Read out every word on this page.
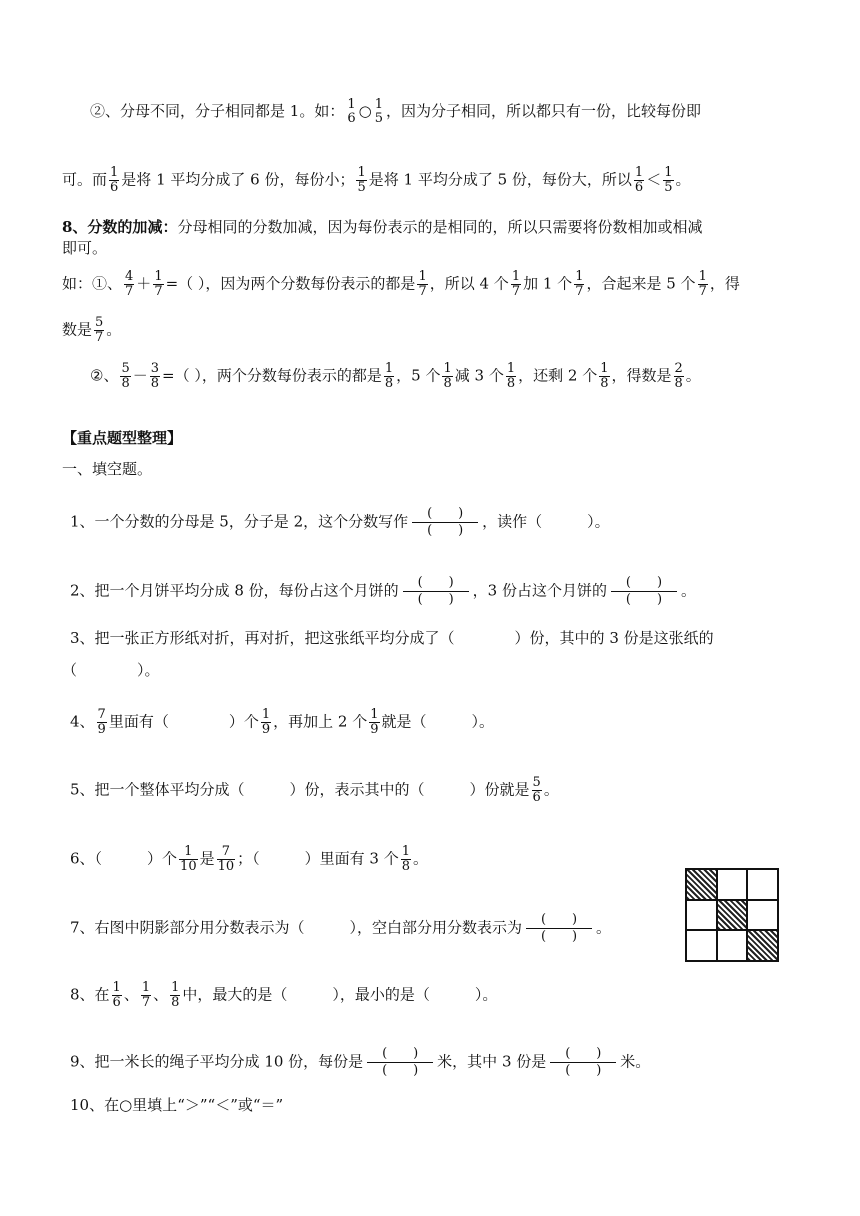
②、分母不同，分子相同都是 1。如： 1
6 ○ 1
5 ，因为分子相同，所以都只有一份，比较每份即
可。而 $\frac{1}{6}$ 是将 1 平均分成了 6 份，每份小； $\frac{1}{5}$ 是将 1 平均分成了 5 份，每份大，所以 $\frac{1}{6} < \frac{1}{5}$ 。
8、分数的加减：分母相同的分数加减，因为每份表示的是相同的，所以只需要将份数相加或相减
即可。
如：①、 $\frac{4}{7} + \frac{1}{7}$ =（ ），因为两个分数每份表示的都是 $\frac{1}{7}$ ，所以 4 个 $\frac{1}{7}$ 加 1 个 $\frac{1}{7}$ ，合起来是 5 个 $\frac{1}{7}$ ，得
数是 $\frac{5}{7}$ 。
②、 $\frac{5}{8} - \frac{3}{8}$ =（ ），两个分数每份表示的都是 $\frac{1}{8}$ ，5 个 $\frac{1}{8}$ 减 3 个 $\frac{1}{8}$ ，还剩 2 个 $\frac{1}{8}$ ，得数是 $\frac{2}{8}$ 。
【重点题型整理】
一、填空题。
1、一个分数的分母是 5，分子是 2，这个分数写作	(　　)
(　　)	，读作（　　　）。
2、把一个月饼平均分成 8 份，每份占这个月饼的	(　　)
(　　)	，3 份占这个月饼的	(　　)
(　　)	。
3、把一张正方形纸对折，再对折，把这张纸平均分成了（　　　　）份，其中的 3 份是这张纸的
（　　　　）。
4、 $\frac{7}{9}$ 里面有（　　　　）个 $\frac{1}{9}$ ，再加上 2 个 $\frac{1}{9}$ 就是（　　　）。
5、把一个整体平均分成（　　　）份，表示其中的（　　　）份就是 $\frac{5}{6}$ 。
6、（　　　）个 $\frac{1}{10}$ 是 $\frac{7}{10}$ ；（　　　）里面有 3 个 $\frac{1}{8}$ 。
7、右图中阴影部分用分数表示为（　　　），空白部分用分数表示为	(　　)
(　　)	。
8、在 $\frac{1}{6}$ 、 $\frac{1}{7}$ 、 $\frac{1}{8}$ 中，最大的是（　　　），最小的是（　　　）。
9、把一米长的绳子平均分成 10 份，每份是	(　　)
(　　)	米，其中 3 份是	(　　)
(　　)	米。
10、在○里填上“＞”“＜”或“＝”
